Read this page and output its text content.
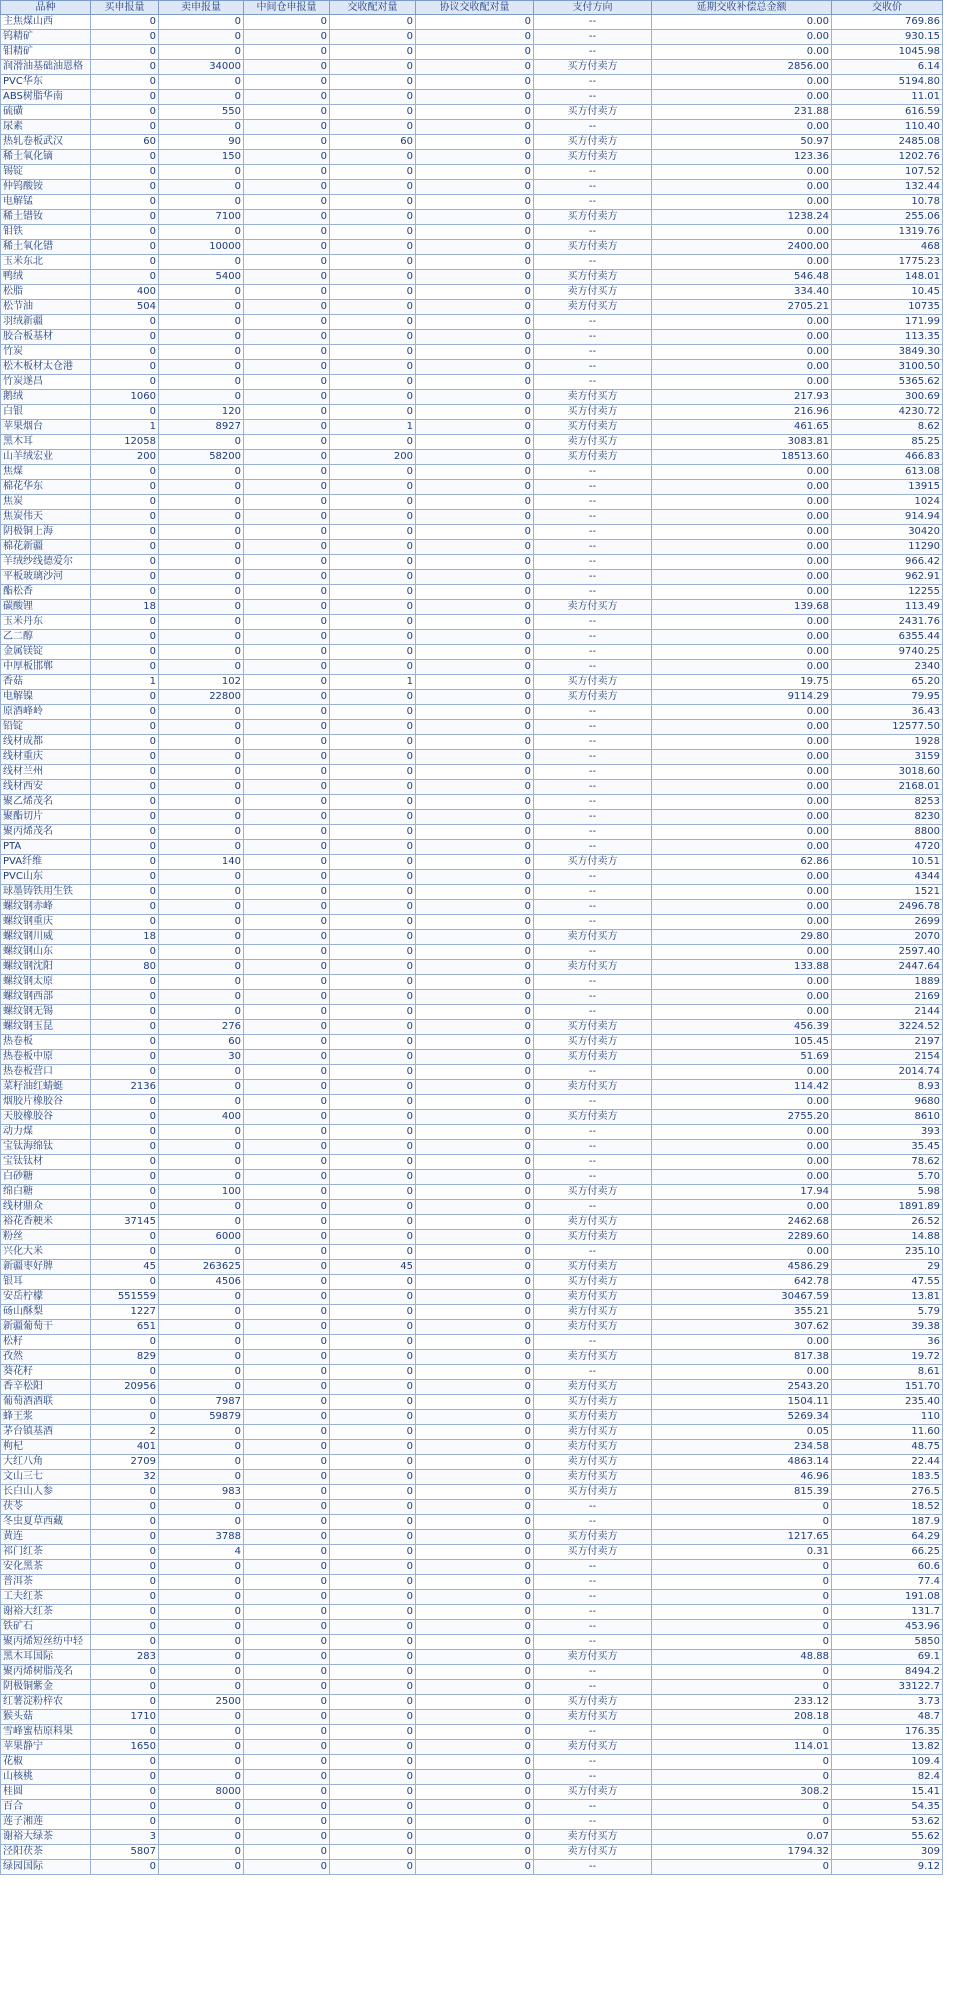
品种	买申报量	卖申报量	中间仓申报量	交收配对量	协议交收配对量	支付方向	延期交收补偿总金额	交收价
主焦煤山西	0	0	0	0	0	--	0.00	769.86
钨精矿	0	0	0	0	0	--	0.00	930.15
钼精矿	0	0	0	0	0	--	0.00	1045.98
润滑油基础油恩格	0	34000	0	0	0	买方付卖方	2856.00	6.14
PVC华东	0	0	0	0	0	--	0.00	5194.80
ABS树脂华南	0	0	0	0	0	--	0.00	11.01
硫磺	0	550	0	0	0	买方付卖方	231.88	616.59
尿素	0	0	0	0	0	--	0.00	110.40
热轧卷板武汉	60	90	0	60	0	买方付卖方	50.97	2485.08
稀土氧化镝	0	150	0	0	0	买方付卖方	123.36	1202.76
锡锭	0	0	0	0	0	--	0.00	107.52
仲钨酸铵	0	0	0	0	0	--	0.00	132.44
电解锰	0	0	0	0	0	--	0.00	10.78
稀土镨钕	0	7100	0	0	0	买方付卖方	1238.24	255.06
钼铁	0	0	0	0	0	--	0.00	1319.76
稀土氧化镨	0	10000	0	0	0	买方付卖方	2400.00	468
玉米东北	0	0	0	0	0	--	0.00	1775.23
鸭绒	0	5400	0	0	0	买方付卖方	546.48	148.01
松脂	400	0	0	0	0	卖方付买方	334.40	10.45
松节油	504	0	0	0	0	卖方付买方	2705.21	10735
羽绒新疆	0	0	0	0	0	--	0.00	171.99
胶合板基材	0	0	0	0	0	--	0.00	113.35
竹炭	0	0	0	0	0	--	0.00	3849.30
松木板材太仓港	0	0	0	0	0	--	0.00	3100.50
竹炭遂昌	0	0	0	0	0	--	0.00	5365.62
鹅绒	1060	0	0	0	0	卖方付买方	217.93	300.69
白银	0	120	0	0	0	买方付卖方	216.96	4230.72
苹果烟台	1	8927	0	1	0	买方付卖方	461.65	8.62
黑木耳	12058	0	0	0	0	卖方付买方	3083.81	85.25
山羊绒宏业	200	58200	0	200	0	买方付卖方	18513.60	466.83
焦煤	0	0	0	0	0	--	0.00	613.08
棉花华东	0	0	0	0	0	--	0.00	13915
焦炭	0	0	0	0	0	--	0.00	1024
焦炭伟天	0	0	0	0	0	--	0.00	914.94
阴极铜上海	0	0	0	0	0	--	0.00	30420
棉花新疆	0	0	0	0	0	--	0.00	11290
羊绒纱线德爱尔	0	0	0	0	0	--	0.00	966.42
平板玻璃沙河	0	0	0	0	0	--	0.00	962.91
酯松香	0	0	0	0	0	--	0.00	12255
碳酸锂	18	0	0	0	0	卖方付买方	139.68	113.49
玉米丹东	0	0	0	0	0	--	0.00	2431.76
乙二醇	0	0	0	0	0	--	0.00	6355.44
金属镁锭	0	0	0	0	0	--	0.00	9740.25
中厚板邯郸	0	0	0	0	0	--	0.00	2340
香菇	1	102	0	1	0	买方付卖方	19.75	65.20
电解镍	0	22800	0	0	0	买方付卖方	9114.29	79.95
原酒峰岭	0	0	0	0	0	--	0.00	36.43
铅锭	0	0	0	0	0	--	0.00	12577.50
线材成都	0	0	0	0	0	--	0.00	1928
线材重庆	0	0	0	0	0	--	0.00	3159
线材兰州	0	0	0	0	0	--	0.00	3018.60
线材西安	0	0	0	0	0	--	0.00	2168.01
聚乙烯茂名	0	0	0	0	0	--	0.00	8253
聚酯切片	0	0	0	0	0	--	0.00	8230
聚丙烯茂名	0	0	0	0	0	--	0.00	8800
PTA	0	0	0	0	0	--	0.00	4720
PVA纤维	0	140	0	0	0	买方付卖方	62.86	10.51
PVC山东	0	0	0	0	0	--	0.00	4344
球墨铸铁用生铁	0	0	0	0	0	--	0.00	1521
螺纹钢赤峰	0	0	0	0	0	--	0.00	2496.78
螺纹钢重庆	0	0	0	0	0	--	0.00	2699
螺纹钢川威	18	0	0	0	0	卖方付买方	29.80	2070
螺纹钢山东	0	0	0	0	0	--	0.00	2597.40
螺纹钢沈阳	80	0	0	0	0	卖方付买方	133.88	2447.64
螺纹钢太原	0	0	0	0	0	--	0.00	1889
螺纹钢西部	0	0	0	0	0	--	0.00	2169
螺纹钢无锡	0	0	0	0	0	--	0.00	2144
螺纹钢玉昆	0	276	0	0	0	买方付卖方	456.39	3224.52
热卷板	0	60	0	0	0	买方付卖方	105.45	2197
热卷板中原	0	30	0	0	0	买方付卖方	51.69	2154
热卷板营口	0	0	0	0	0	--	0.00	2014.74
菜籽油红蜻蜓	2136	0	0	0	0	卖方付买方	114.42	8.93
烟胶片橡胶谷	0	0	0	0	0	--	0.00	9680
天胶橡胶谷	0	400	0	0	0	买方付卖方	2755.20	8610
动力煤	0	0	0	0	0	--	0.00	393
宝钛海绵钛	0	0	0	0	0	--	0.00	35.45
宝钛钛材	0	0	0	0	0	--	0.00	78.62
白砂糖	0	0	0	0	0	--	0.00	5.70
绵白糖	0	100	0	0	0	买方付卖方	17.94	5.98
线材鼎众	0	0	0	0	0	--	0.00	1891.89
裕花香粳米	37145	0	0	0	0	卖方付买方	2462.68	26.52
粉丝	0	6000	0	0	0	买方付卖方	2289.60	14.88
兴化大米	0	0	0	0	0	--	0.00	235.10
新疆枣好牌	45	263625	0	45	0	买方付卖方	4586.29	29
银耳	0	4506	0	0	0	买方付卖方	642.78	47.55
安岳柠檬	551559	0	0	0	0	卖方付买方	30467.59	13.81
砀山酥梨	1227	0	0	0	0	卖方付买方	355.21	5.79
新疆葡萄干	651	0	0	0	0	卖方付买方	307.62	39.38
松籽	0	0	0	0	0	--	0.00	36
孜然	829	0	0	0	0	卖方付买方	817.38	19.72
葵花籽	0	0	0	0	0	--	0.00	8.61
香辛松阳	20956	0	0	0	0	卖方付买方	2543.20	151.70
葡萄酒酒联	0	7987	0	0	0	买方付卖方	1504.11	235.40
蜂王浆	0	59879	0	0	0	买方付卖方	5269.34	110
茅台镇基酒	2	0	0	0	0	卖方付买方	0.05	11.60
枸杞	401	0	0	0	0	卖方付买方	234.58	48.75
大红八角	2709	0	0	0	0	卖方付买方	4863.14	22.44
文山三七	32	0	0	0	0	卖方付买方	46.96	183.5
长白山人参	0	983	0	0	0	买方付卖方	815.39	276.5
茯苓	0	0	0	0	0	--	0	18.52
冬虫夏草西藏	0	0	0	0	0	--	0	187.9
黄连	0	3788	0	0	0	买方付卖方	1217.65	64.29
祁门红茶	0	4	0	0	0	买方付卖方	0.31	66.25
安化黑茶	0	0	0	0	0	--	0	60.6
普洱茶	0	0	0	0	0	--	0	77.4
工夫红茶	0	0	0	0	0	--	0	191.08
谢裕大红茶	0	0	0	0	0	--	0	131.7
铁矿石	0	0	0	0	0	--	0	453.96
聚丙烯短丝纺中轻	0	0	0	0	0	--	0	5850
黑木耳国际	283	0	0	0	0	卖方付买方	48.88	69.1
聚丙烯树脂茂名	0	0	0	0	0	--	0	8494.2
阴极铜紫金	0	0	0	0	0	--	0	33122.7
红薯淀粉梓农	0	2500	0	0	0	买方付卖方	233.12	3.73
猴头菇	1710	0	0	0	0	卖方付买方	208.18	48.7
雪峰蜜桔原料果	0	0	0	0	0	--	0	176.35
苹果静宁	1650	0	0	0	0	卖方付买方	114.01	13.82
花椒	0	0	0	0	0	--	0	109.4
山核桃	0	0	0	0	0	--	0	82.4
桂圆	0	8000	0	0	0	买方付卖方	308.2	15.41
百合	0	0	0	0	0	--	0	54.35
莲子湘莲	0	0	0	0	0	--	0	53.62
谢裕大绿茶	3	0	0	0	0	卖方付买方	0.07	55.62
泾阳茯茶	5807	0	0	0	0	卖方付买方	1794.32	309
绿园国际	0	0	0	0	0	--	0	9.12
